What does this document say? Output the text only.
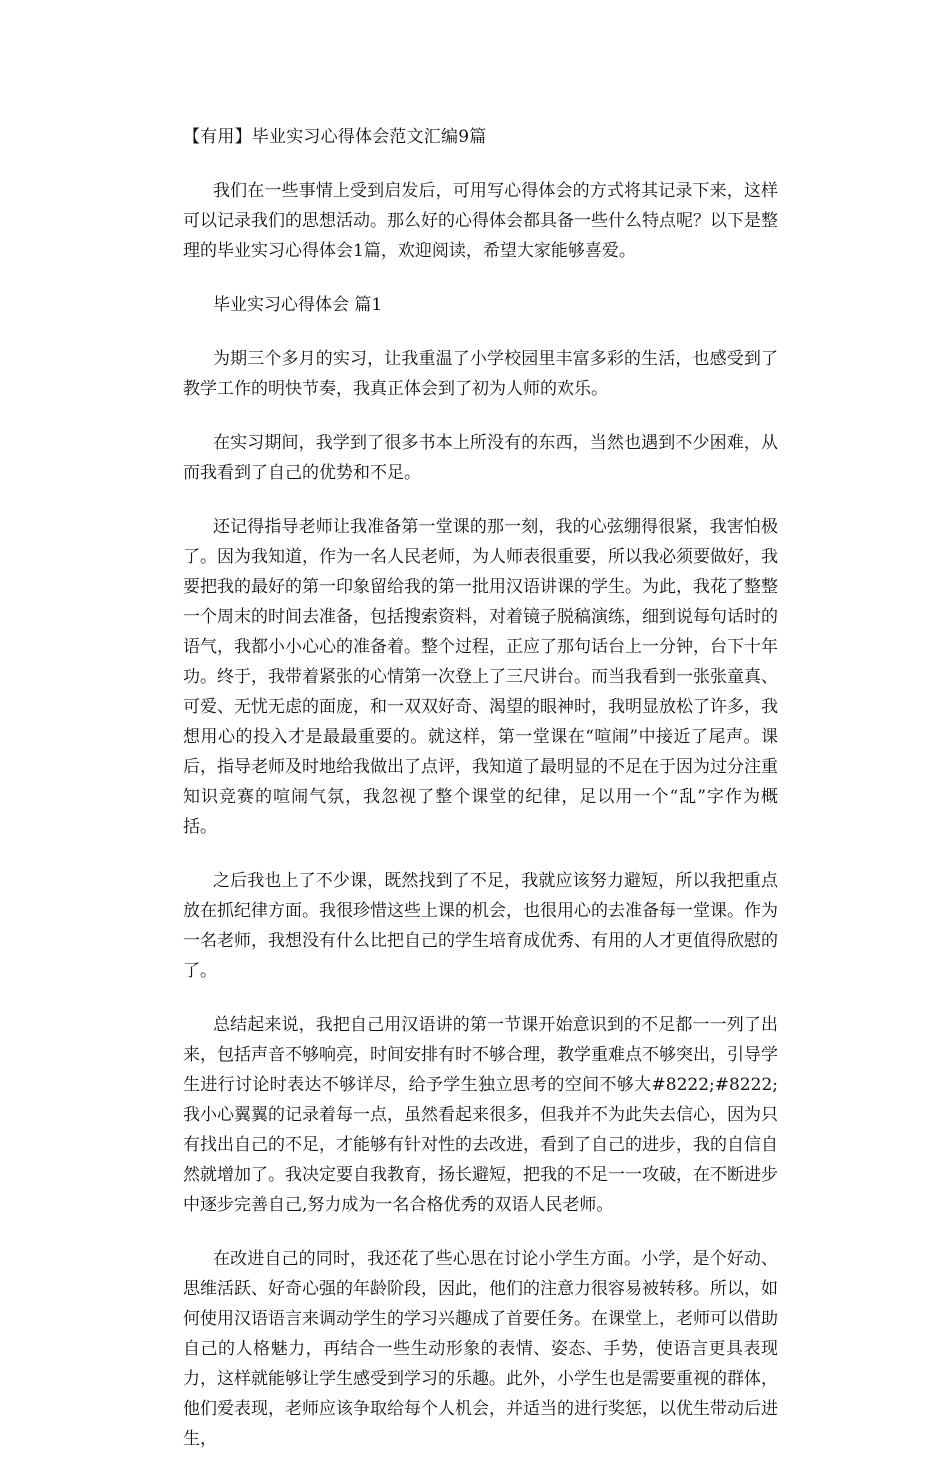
【有用】毕业实习心得体会范文汇编9篇

我们在一些事情上受到启发后，可用写心得体会的方式将其记录下来，这样可以记录我们的思想活动。那么好的心得体会都具备一些什么特点呢？以下是整理的毕业实习心得体会1篇，欢迎阅读，希望大家能够喜爱。

毕业实习心得体会 篇1

为期三个多月的实习，让我重温了小学校园里丰富多彩的生活，也感受到了教学工作的明快节奏，我真正体会到了初为人师的欢乐。

在实习期间，我学到了很多书本上所没有的东西，当然也遇到不少困难，从而我看到了自己的优势和不足。

还记得指导老师让我准备第一堂课的那一刻，我的心弦绷得很紧，我害怕极了。因为我知道，作为一名人民老师，为人师表很重要，所以我必须要做好，我要把我的最好的第一印象留给我的第一批用汉语讲课的学生。为此，我花了整整一个周末的时间去准备，包括搜索资料，对着镜子脱稿演练，细到说每句话时的语气，我都小小心心的准备着。整个过程，正应了那句话台上一分钟，台下十年功。终于，我带着紧张的心情第一次登上了三尺讲台。而当我看到一张张童真、可爱、无忧无虑的面庞，和一双双好奇、渴望的眼神时，我明显放松了许多，我想用心的投入才是最最重要的。就这样，第一堂课在“喧闹”中接近了尾声。课后，指导老师及时地给我做出了点评，我知道了最明显的不足在于因为过分注重知识竞赛的喧闹气氛，我忽视了整个课堂的纪律，足以用一个“乱”字作为概括。

之后我也上了不少课，既然找到了不足，我就应该努力避短，所以我把重点放在抓纪律方面。我很珍惜这些上课的机会，也很用心的去准备每一堂课。作为一名老师，我想没有什么比把自己的学生培育成优秀、有用的人才更值得欣慰的了。

总结起来说，我把自己用汉语讲的第一节课开始意识到的不足都一一列了出来，包括声音不够响亮，时间安排有时不够合理，教学重难点不够突出，引导学生进行讨论时表达不够详尽，给予学生独立思考的空间不够大#8222;#8222;我小心翼翼的记录着每一点，虽然看起来很多，但我并不为此失去信心，因为只有找出自己的不足，才能够有针对性的去改进，看到了自己的进步，我的自信自然就增加了。我决定要自我教育，扬长避短，把我的不足一一攻破，在不断进步中逐步完善自己,努力成为一名合格优秀的双语人民老师。

在改进自己的同时，我还花了些心思在讨论小学生方面。小学，是个好动、思维活跃、好奇心强的年龄阶段，因此，他们的注意力很容易被转移。所以，如何使用汉语语言来调动学生的学习兴趣成了首要任务。在课堂上，老师可以借助自己的人格魅力，再结合一些生动形象的表情、姿态、手势，使语言更具表现力，这样就能够让学生感受到学习的乐趣。此外，小学生也是需要重视的群体，他们爱表现，老师应该争取给每个人机会，并适当的进行奖惩，以优生带动后进生，
